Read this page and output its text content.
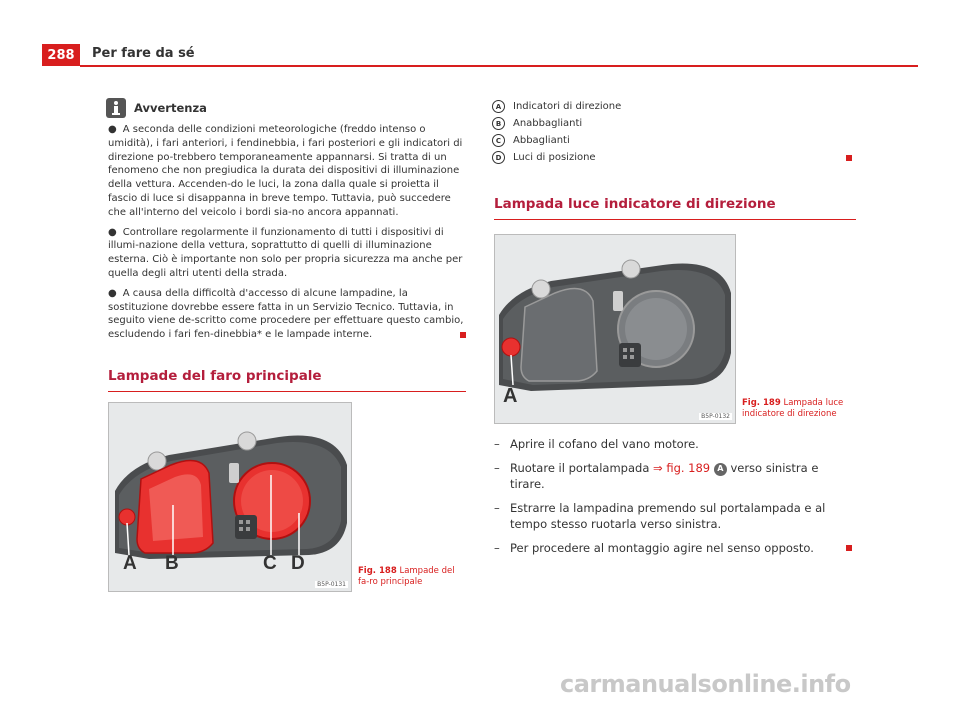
288	Per fare da sé
Avvertenza
● A seconda delle condizioni meteorologiche (freddo intenso o umidità), i fari anteriori, i fendinebbia, i fari posteriori e gli indicatori di direzione po-trebbero temporaneamente appannarsi. Si tratta di un fenomeno che non pregiudica la durata dei dispositivi di illuminazione della vettura. Accenden-do le luci, la zona dalla quale si proietta il fascio di luce si disappanna in breve tempo. Tuttavia, può succedere che all'interno del veicolo i bordi sia-no ancora appannati.
● Controllare regolarmente il funzionamento di tutti i dispositivi di illumi-nazione della vettura, soprattutto di quelli di illuminazione esterna. Ciò è importante non solo per propria sicurezza ma anche per quella degli altri utenti della strada.
● A causa della difficoltà d'accesso di alcune lampadine, la sostituzione dovrebbe essere fatta in un Servizio Tecnico. Tuttavia, in seguito viene de-scritto come procedere per effettuare questo cambio, escludendo i fari fen-dinebbia* e le lampade interne.
Lampade del faro principale
A B	C D
B5P-0131
Fig. 188 Lampade del fa-ro principale
A	Indicatori di direzione
B	Anabbaglianti
C	Abbaglianti
D	Luci di posizione
Lampada luce indicatore di direzione
A
B5P-0132
Fig. 189 Lampada luce indicatore di direzione
– Aprire il cofano del vano motore.
– Ruotare il portalampada ⇒ fig. 189 A verso sinistra e tirare.
– Estrarre la lampadina premendo sul portalampada e al tempo stesso ruotarla verso sinistra.
– Per procedere al montaggio agire nel senso opposto.
carmanualsonline.info
